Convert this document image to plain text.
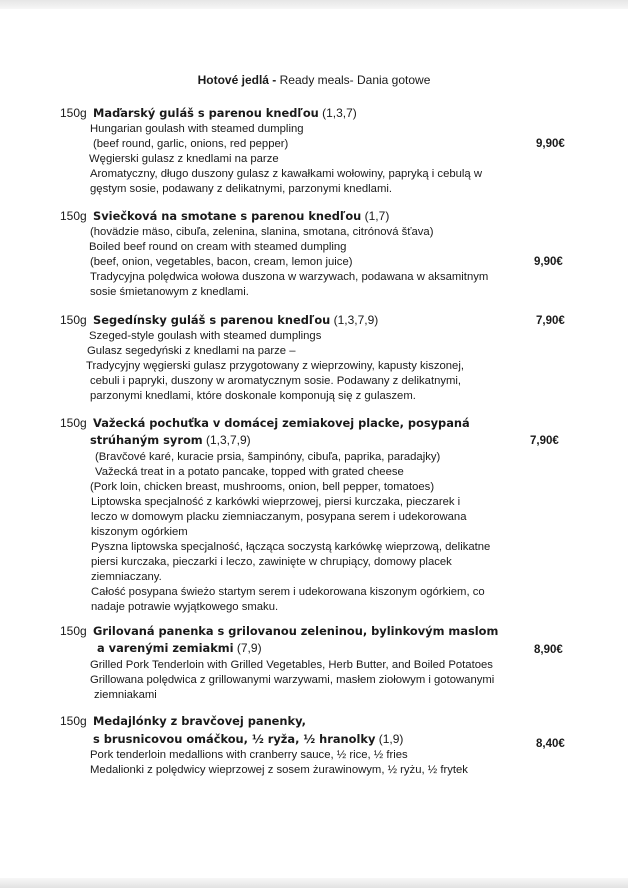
Hotové jedlá - Ready meals- Dania gotowe
150g Maďarský guláš s parenou knedľou (1,3,7)
Hungarian goulash with steamed dumpling
(beef round, garlic, onions, red pepper)	9,90€
Węgierski gulasz z knedlami na parze
Aromatyczny, długo duszony gulasz z kawałkami wołowiny, papryką i cebulą w
gęstym sosie, podawany z delikatnymi, parzonymi knedlami.
150g Sviečková na smotane s parenou knedľou (1,7)
(hovädzie mäso, cibuľa, zelenina, slanina, smotana, citrónová šťava)
Boiled beef round on cream with steamed dumpling
(beef, onion, vegetables, bacon, cream, lemon juice)	9,90€
Tradycyjna polędwica wołowa duszona w warzywach, podawana w aksamitnym
sosie śmietanowym z knedlami.
150g Segedínsky guláš s parenou knedľou (1,3,7,9)	7,90€
Szeged-style goulash with steamed dumplings
Gulasz segedyński z knedlami na parze –
Tradycyjny węgierski gulasz przygotowany z wieprzowiny, kapusty kiszonej,
cebuli i papryki, duszony w aromatycznym sosie. Podawany z delikatnymi,
parzonymi knedlami, które doskonale komponują się z gulaszem.
150g Važecká pochuťka v domácej zemiakovej placke, posypaná
strúhaným syrom (1,3,7,9)	7,90€
(Bravčové karé, kuracie prsia, šampinóny, cibuľa, paprika, paradajky)
Važecká treat in a potato pancake, topped with grated cheese
(Pork loin, chicken breast, mushrooms, onion, bell pepper, tomatoes)
Liptowska specjalność z karkówki wieprzowej, piersi kurczaka, pieczarek i
leczo w domowym placku ziemniaczanym, posypana serem i udekorowana
kiszonym ogórkiem
Pyszna liptowska specjalność, łącząca soczystą karkówkę wieprzową, delikatne
piersi kurczaka, pieczarki i leczo, zawinięte w chrupiący, domowy placek
ziemniaczany.
Całość posypana świeżo startym serem i udekorowana kiszonym ogórkiem, co
nadaje potrawie wyjątkowego smaku.
150g Grilovaná panenka s grilovanou zeleninou, bylinkovým maslom
a varenými zemiakmi (7,9)	8,90€
Grilled Pork Tenderloin with Grilled Vegetables, Herb Butter, and Boiled Potatoes
Grillowana polędwica z grillowanymi warzywami, masłem ziołowym i gotowanymi
ziemniakami
150g Medajlónky z bravčovej panenky,
s brusnicovou omáčkou, ½ ryža, ½ hranolky (1,9)	8,40€
Pork tenderloin medallions with cranberry sauce, ½ rice, ½ fries
Medalionki z polędwicy wieprzowej z sosem żurawinowym, ½ ryżu, ½ frytek
